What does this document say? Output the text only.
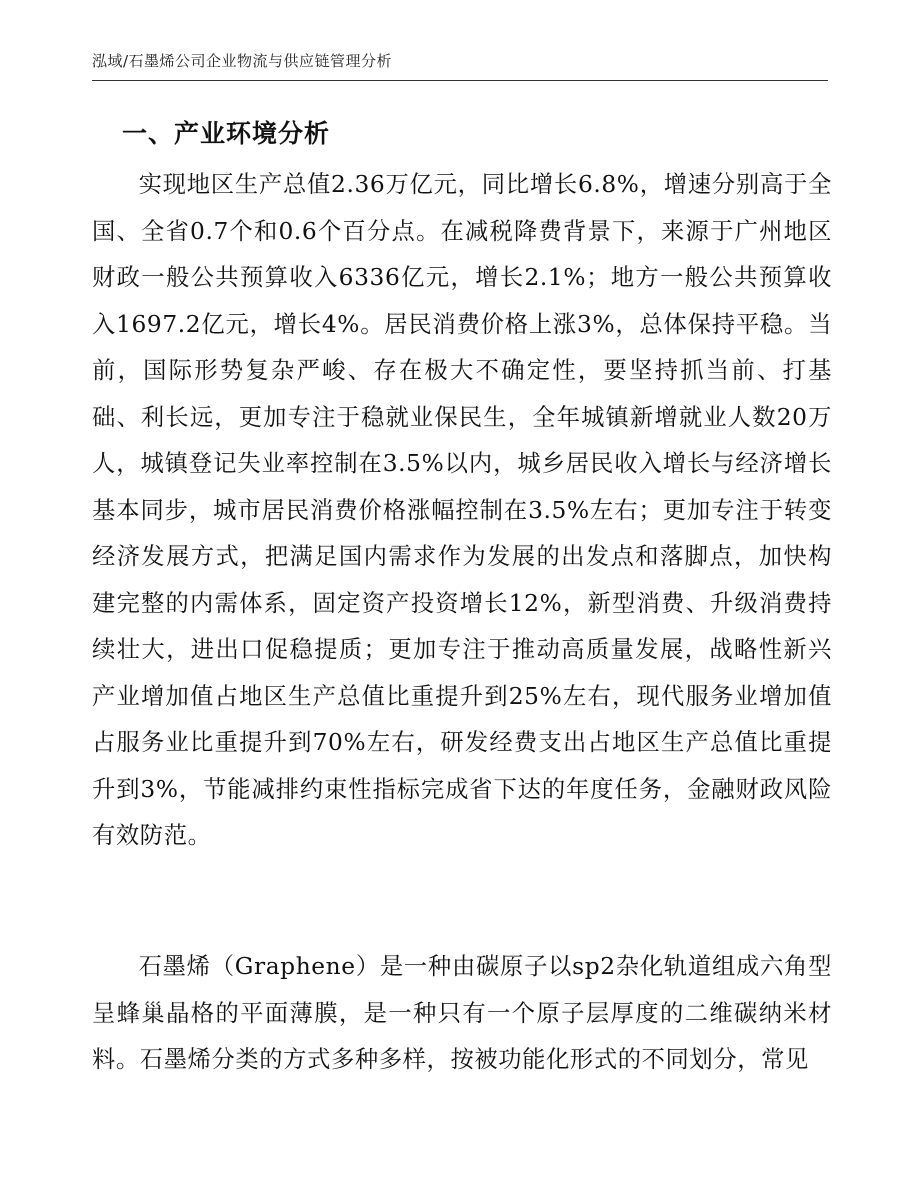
泓域/石墨烯公司企业物流与供应链管理分析
一、产业环境分析

实现地区生产总值2.36万亿元，同比增长6.8%，增速分别高于全国、全省0.7个和0.6个百分点。在减税降费背景下，来源于广州地区财政一般公共预算收入6336亿元，增长2.1%；地方一般公共预算收入1697.2亿元，增长4%。居民消费价格上涨3%，总体保持平稳。当前，国际形势复杂严峻、存在极大不确定性，要坚持抓当前、打基础、利长远，更加专注于稳就业保民生，全年城镇新增就业人数20万人，城镇登记失业率控制在3.5%以内，城乡居民收入增长与经济增长基本同步，城市居民消费价格涨幅控制在3.5%左右；更加专注于转变经济发展方式，把满足国内需求作为发展的出发点和落脚点，加快构建完整的内需体系，固定资产投资增长12%，新型消费、升级消费持续壮大，进出口促稳提质；更加专注于推动高质量发展，战略性新兴产业增加值占地区生产总值比重提升到25%左右，现代服务业增加值占服务业比重提升到70%左右，研发经费支出占地区生产总值比重提升到3%，节能减排约束性指标完成省下达的年度任务，金融财政风险有效防范。

石墨烯（Graphene）是一种由碳原子以sp2杂化轨道组成六角型呈蜂巢晶格的平面薄膜，是一种只有一个原子层厚度的二维碳纳米材料。石墨烯分类的方式多种多样，按被功能化形式的不同划分，常见
